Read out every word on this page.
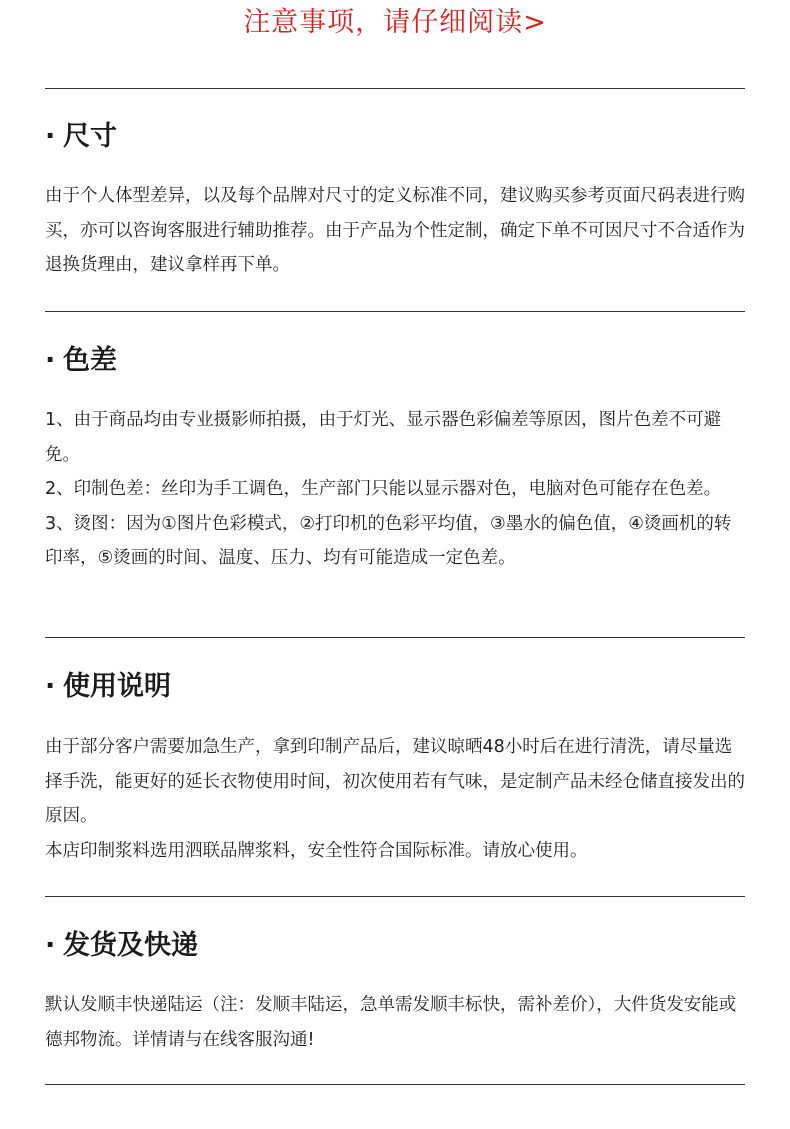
注意事项，请仔细阅读>
· 尺寸

由于个人体型差异，以及每个品牌对尺寸的定义标准不同，建议购买参考页面尺码表进行购买，亦可以咨询客服进行辅助推荐。由于产品为个性定制，确定下单不可因尺寸不合适作为退换货理由，建议拿样再下单。

· 色差

1、由于商品均由专业摄影师拍摄，由于灯光、显示器色彩偏差等原因，图片色差不可避免。

2、印制色差：丝印为手工调色，生产部门只能以显示器对色，电脑对色可能存在色差。

3、烫图：因为①图片色彩模式，②打印机的色彩平均值，③墨水的偏色值，④烫画机的转印率，⑤烫画的时间、温度、压力、均有可能造成一定色差。

· 使用说明

由于部分客户需要加急生产，拿到印制产品后，建议晾晒48小时后在进行清洗，请尽量选择手洗，能更好的延长衣物使用时间，初次使用若有气味，是定制产品未经仓储直接发出的原因。

本店印制浆料选用泗联品牌浆料，安全性符合国际标准。请放心使用。

· 发货及快递

默认发顺丰快递陆运（注：发顺丰陆运，急单需发顺丰标快，需补差价），大件货发安能或德邦物流。详情请与在线客服沟通!
